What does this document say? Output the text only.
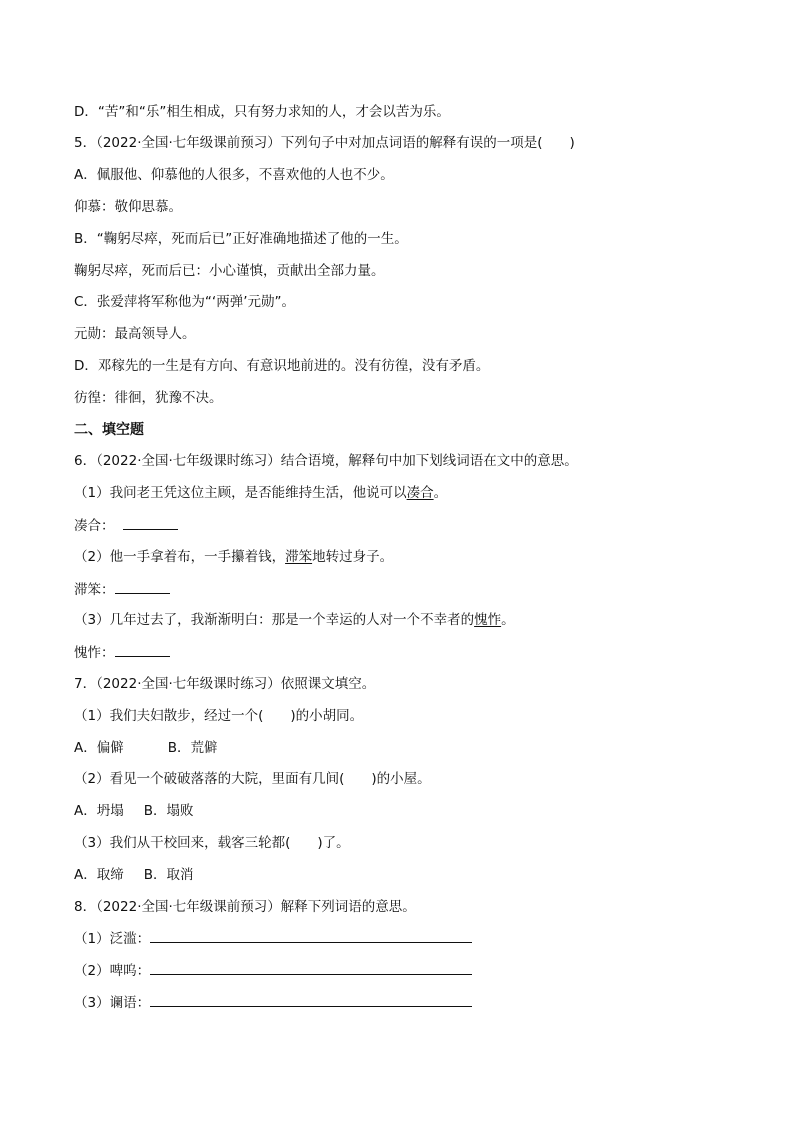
D．“苦”和“乐”相生相成，只有努力求知的人，才会以苦为乐。
5．（2022·全国·七年级课前预习）下列句子中对加点词语的解释有误的一项是(　　)
A．佩服他、仰慕他的人很多，不喜欢他的人也不少。
仰慕：敬仰思慕。
B．“鞠躬尽瘁，死而后已”正好准确地描述了他的一生。
鞠躬尽瘁，死而后已：小心谨慎，贡献出全部力量。
C．张爱萍将军称他为“‘两弹’元勋”。
元勋：最高领导人。
D．邓稼先的一生是有方向、有意识地前进的。没有彷徨，没有矛盾。
彷徨：徘徊，犹豫不决。
二、填空题
6．（2022·全国·七年级课时练习）结合语境，解释句中加下划线词语在文中的意思。
（1）我问老王凭这位主顾，是否能维持生活，他说可以凑合。
凑合：
（2）他一手拿着布，一手攥着钱，滞笨地转过身子。
滞笨：
（3）几年过去了，我渐渐明白：那是一个幸运的人对一个不幸者的愧怍。
愧怍：
7．（2022·全国·七年级课时练习）依照课文填空。
（1）我们夫妇散步，经过一个(　　)的小胡同。
A．偏僻	B．荒僻
（2）看见一个破破落落的大院，里面有几间(　　)的小屋。
A．坍塌 B．塌败
（3）我们从干校回来，载客三轮都(　　)了。
A．取缔 B．取消
8．（2022·全国·七年级课前预习）解释下列词语的意思。
（1）泛滥：
（2）啤呜：
（3）谰语：
